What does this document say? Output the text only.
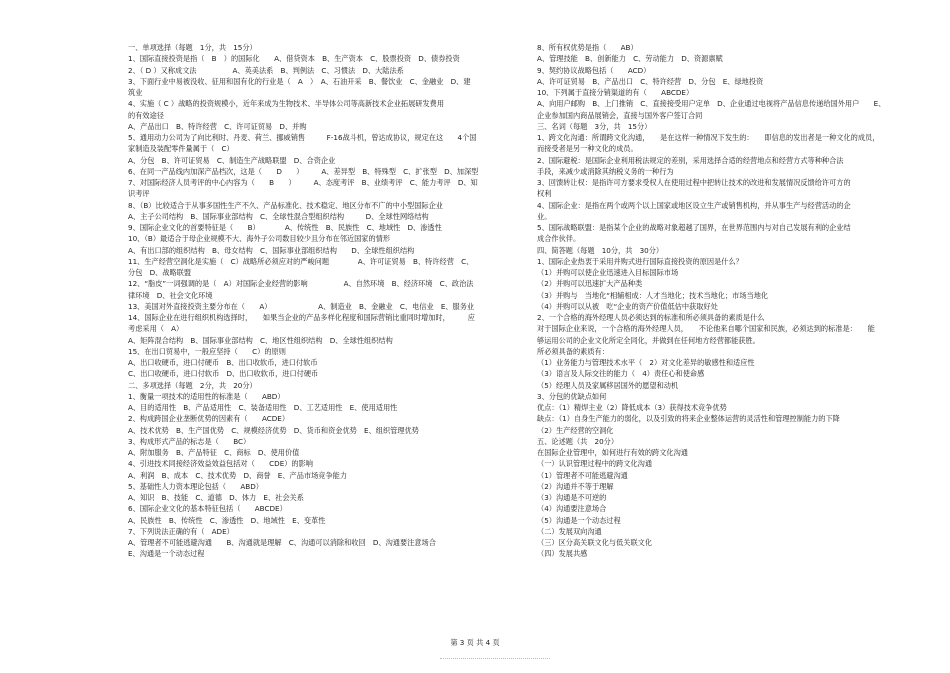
一、单项选择（每题　1分，共　15分）
1、国际直接投资是指（　B　）的国际化　　A、借贷资本　B、生产资本　C、股票投资　D、债券投资
2、（ D ）又称成文法　　　　　A、英美法系　B、判例法　C、习惯法　D、大陆法系
3、下面行业中易被没收、征用和国有化的行业是（　A　）　A、石油开采　B、餐饮业　C、金融业　D、建
筑业
4、实施（ C ）战略的投资规模小，近年来成为生物技术、半导体公司等高新技术企业拓展研发费用
的有效途径
A、产品出口　B、特许经营　C、许可证贸易　D、并购
5、通用动力公司为了向比利时、丹麦、荷兰、挪威销售　　　F-16战斗机，曾达成协议，规定在这　　4个国
家制造及装配零件量属于（　C）
A、分包　B、许可证贸易　C、制造生产战略联盟　D、合资企业
6、在同一产品线内加深产品档次，这是（　　D　　）　　　A、差异型　B、特殊型　C、扩张型　D、加深型
7、对国际经济人员考评的中心内容为（　　B　　）　　　A、态度考评　B、业绩考评　C、能力考评　D、知
识考评
8、（B）比较适合于从事多国性生产不久、产品标准化、技术稳定、地区分布不广的中小型国际企业
A、主子公司结构　B、国际事业部结构　C、全球性混合型组织结构　　　D、全球性网络结构
9、国际企业文化的首要特征是（　　B）　　　　A、传统性　B、民族性　C、地域性　D、渗透性
10、（B）最适合于母企业规模不大、海外子公司数目较少且分布在邻近国家的情形
A、有出口部的组织结构　B、母女结构　C、国际事业部组织结构　　D、全球性组织结构
11、生产经营空洞化是实施（　C）战略所必须应对的严峻问题　　　　A、许可证贸易　B、特许经营　C、
分包　D、战略联盟
12、“脂皮”一词强调的是（　A）对国际企业经营的影响　　　　　A、自然环境　B、经济环境　C、政治法
律环境　D、社会文化环境
13、美国对外直接投资主要分布在（　　A）　　　　　　　A、制造业　B、金融业　C、电信业　E、服务业
14、国际企业在进行组织机构选择时，　　如果当企业的产品多样化程度和国际营销比重同时增加时，　　　应
考虑采用（　A）
A、矩阵混合结构　B、国际事业部结构　C、地区性组织结构　D、全球性组织结构
15、在出口贸易中，一般应坚持（　　C）的原则
A、出口收硬币，进口付硬币　B、出口收软币，进口付软币
C、出口收硬币，进口付软币　D、出口收软币，进口付硬币
二、多项选择（每题　2分，共　20分）
1、衡量一项技术的适用性的标准是（　　ABD）
A、目的适用性　B、产品适用性　C、装备适用性　D、工艺适用性　E、使用适用性
2、构成跨国企业垄断优势的因素有（　　ACDE）
A、技术优势　B、生产国优势　C、规模经济优势　D、货币和资金优势　E、组织管理优势
3、构成形式产品的标志是（　　BC）
A、附加服务　B、产品特征　C、商标　D、使用价值
4、引进技术同接经济效益效益包括对（　　CDE）的影响
A、利润　B、成本　C、技术优势　D、商誉　E、产品市场竞争能力
5、基础性人力资本理论包括（　　ABD）
A、知识　B、技能　C、道德　D、体力　E、社会关系
6、国际企业文化的基本特征包括（　　ABCDE）
A、民族性　B、传统性　C、渗透性　D、地域性　E、变革性
7、下列说法正确的有（　ADE）
A、管理者不可能逃避沟通　　B、沟通就是理解　C、沟通可以消除和收回　D、沟通要注意场合
E、沟通是一个动态过程
8、所有权优势是指（　　AB）
A、管理技能　B、创新能力　C、劳动能力　D、资源禀赋
9、契约协议战略包括（　　ACD）
A、许可证贸易　B、产品出口　C、特许经营　D、分包　E、绿地投资
10、下列属于直接分销渠道的有（　　ABCDE）
A、向用户邮购　B、上门推销　C、直接接受用户定单　D、企业通过电视将产品信息传递给国外用户　　E、
企业参加国内商品展销会，直接与国外客户签订合同
三、名词（每题　3分，共　15分）
1、跨文化沟通：所谓跨文化沟通，　　是在这样一种情况下发生的：　　即信息的发出者是一种文化的成员，
而接受者是另一种文化的成员。
2、国际避税：是国际企业利用税法规定的差别，采用选择合适的经营地点和经营方式等种种合法
手段，来减少或消除其纳税义务的一种行为
3、回馈转让权：是指许可方要求受权人在使用过程中把转让技术的改进和发展情况反馈给许可方的
权利
4、国际企业：是指在两个或两个以上国家或地区设立生产或销售机构，并从事生产与经营活动的企
业。
5、国际战略联盟：是指某个企业的战略对象超越了国界，在世界范围内与对自己发展有利的企业结
成合作伙伴。
四、简答题（每题　10分，共　30分）
1、国际企业热衷于采用并购式进行国际直接投资的原因是什么？
（1）并购可以使企业迅速进入目标国际市场
（2）并购可以迅速扩大产品种类
（3）并购与　当地化“相辅相成：人才当地化；技术当地化；市场当地化
（4）并购可以从被　吃“企业的资产价值低估中获取好处
2、一个合格的海外经理人员必须达到的标准和所必须具备的素质是什么
对于国际企业来说，一个合格的海外经理人员，　　不论他来自哪个国家和民族，必须达到的标准是：　　能
够运用公司的企业文化所定全同化，并做到在任何地方经营都能获胜。
所必须具备的素质有：
（1）业务能力与管理技术水平（　2）对文化差异的敏感性和适应性
（3）语言及人际交往的能力（　4）责任心和使命感
（5）经理人员及家属移居国外的愿望和动机
3、分包的优缺点如何
优点：（1）精焊主业（2）降低成本（3）获得技术竞争优势
缺点：（1）自身生产能力的弱化，以及引致的将来企业整体运营的灵活性和管理控制能力的下降
（2）生产经营的空洞化
五、论述题（共　20分）
在国际企业管理中，如何进行有效的跨文化沟通
（一）认识管理过程中的跨文化沟通
（1）管理者不可能逃避沟通
（2）沟通并不等于理解
（3）沟通是不可逆的
（4）沟通要注意场合
（5）沟通是一个动态过程
（二）发展双向沟通
（三）区分高关联文化与低关联文化
（四）发展共感
第 3 页 共 4 页
